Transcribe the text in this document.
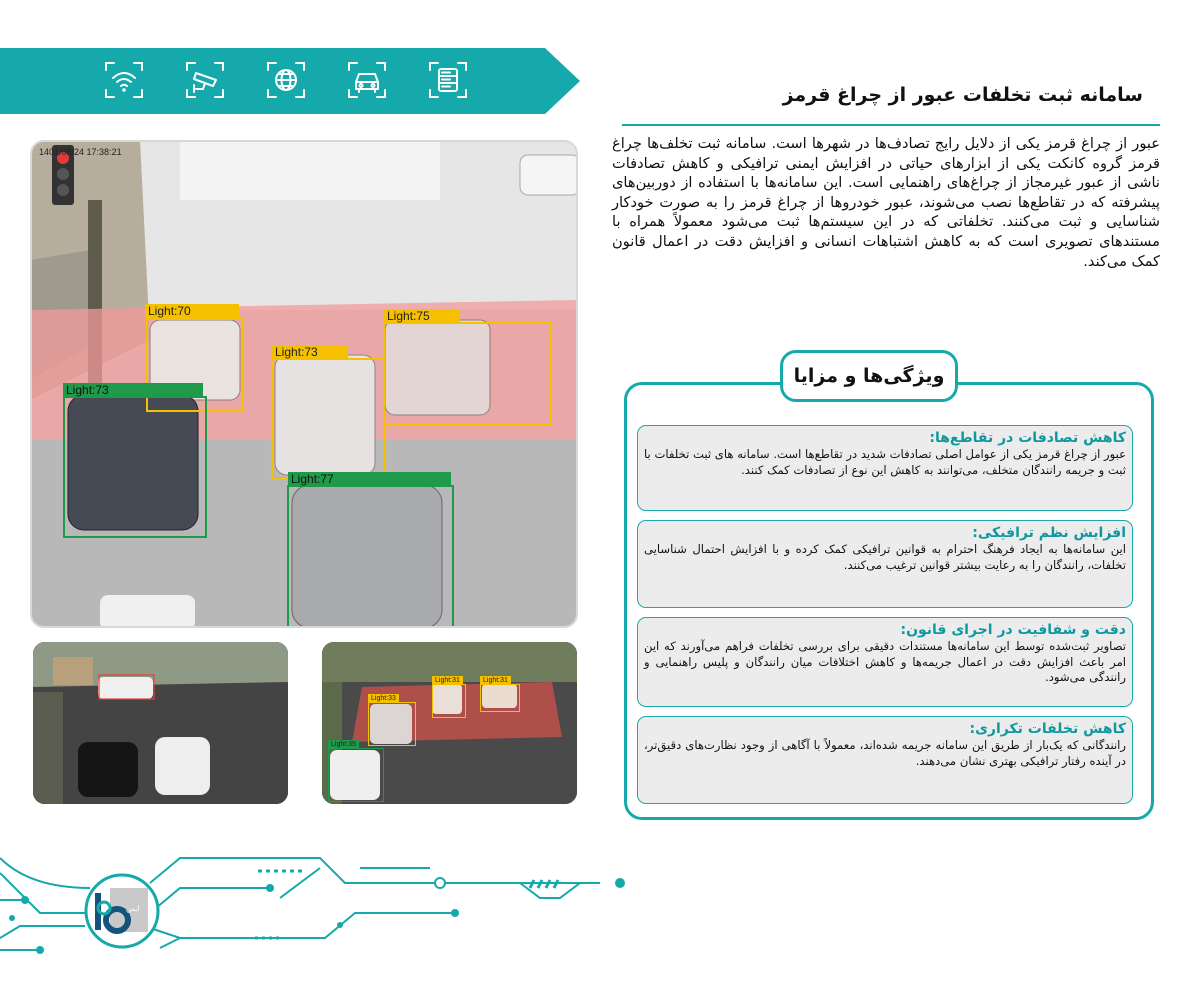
1401/08/24 17:38:21
Light:70	Light:75
Light:73
Light:73
Light:77
Light:31	Light:31
Light:33
Light:35
سامانه ثبت تخلفات عبور از چراغ قرمز
عبور از چراغ قرمز یکی از دلایل رایج تصادف‌ها در شهرها است. سامانه ثبت تخلف‌ها چراغ قرمز گروه کانکت یکی از ابزارهای حیاتی در افزایش ایمنی ترافیکی و کاهش تصادفات ناشی از عبور غیرمجاز از چراغ‌های راهنمایی است. این سامانه‌ها با استفاده از دوربین‌های پیشرفته که در تقاطع‌ها نصب می‌شوند، عبور خودروها از چراغ قرمز را به صورت خودکار شناسایی و ثبت می‌کنند. تخلفاتی که در این سیستم‌ها ثبت می‌شود معمولاً همراه با مستندهای تصویری است که به کاهش اشتباهات انسانی و افزایش دقت در اعمال قانون کمک می‌کند.
ویژگی‌ها و مزایا
کاهش تصادفات در تقاطع‌ها:

عبور از چراغ قرمز یکی از عوامل اصلی تصادفات شدید در تقاطع‌ها است. سامانه های ثبت تخلفات با ثبت و جریمه رانندگان متخلف، می‌توانند به کاهش این نوع از تصادفات کمک کنند.

افزایش نظم ترافیکی:

این سامانه‌ها به ایجاد فرهنگ احترام به قوانین ترافیکی کمک کرده و با افزایش احتمال شناسایی تخلفات، رانندگان را به رعایت بیشتر قوانین ترغیب می‌کنند.

دقت و شفافیت در اجرای قانون:

تصاویر ثبت‌شده توسط این سامانه‌ها مستندات دقیقی برای بررسی تخلفات فراهم می‌آورند که این امر باعث افزایش دقت در اعمال جریمه‌ها و کاهش اختلافات میان رانندگان و پلیس راهنمایی و رانندگی می‌شود.

کاهش تخلفات تکراری:

رانندگانی که یک‌بار از طریق این سامانه جریمه شده‌اند، معمولاً با آگاهی از وجود نظارت‌های دقیق‌تر، در آینده رفتار ترافیکی بهتری نشان می‌دهند.

ایمن
